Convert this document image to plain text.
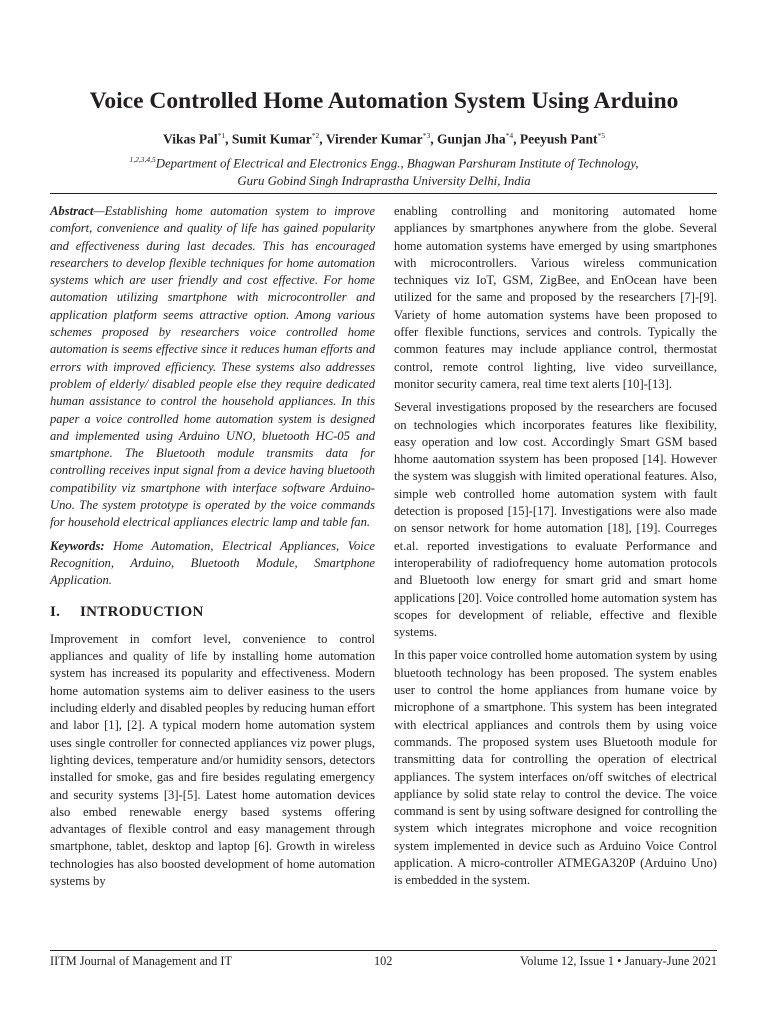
Voice Controlled Home Automation System Using Arduino
Vikas Pal$^{*1}$, Sumit Kumar$^{*2}$, Virender Kumar$^{*3}$, Gunjan Jha$^{*4}$, Peeyush Pant$^{*5}$
$^{1,2,3,4,5}$Department of Electrical and Electronics Engg., Bhagwan Parshuram Institute of Technology,
Guru Gobind Singh Indraprastha University Delhi, India

Abstract—Establishing home automation system to improve comfort, convenience and quality of life has gained popularity and effectiveness during last decades. This has encouraged researchers to develop flexible techniques for home automation systems which are user friendly and cost effective. For home automation utilizing smartphone with microcontroller and application platform seems attractive option. Among various schemes proposed by researchers voice controlled home automation is seems effective since it reduces human efforts and errors with improved efficiency. These systems also addresses problem of elderly/ disabled people else they require dedicated human assistance to control the household appliances. In this paper a voice controlled home automation system is designed and implemented using Arduino UNO, bluetooth HC-05 and smartphone. The Bluetooth module transmits data for controlling receives input signal from a device having bluetooth compatibility viz smartphone with interface software Arduino-Uno. The system prototype is operated by the voice commands for household electrical appliances electric lamp and table fan.

Keywords: Home Automation, Electrical Appliances, Voice Recognition, Arduino, Bluetooth Module, Smartphone Application.

I. INTRODUCTION

Improvement in comfort level, convenience to control appliances and quality of life by installing home automation system has increased its popularity and effectiveness. Modern home automation systems aim to deliver easiness to the users including elderly and disabled peoples by reducing human effort and labor [1], [2]. A typical modern home automation system uses single controller for connected appliances viz power plugs, lighting devices, temperature and/or humidity sensors, detectors installed for smoke, gas and fire besides regulating emergency and security systems [3]-[5]. Latest home automation devices also embed renewable energy based systems offering advantages of flexible control and easy management through smartphone, tablet, desktop and laptop [6]. Growth in wireless technologies has also boosted development of home automation systems by

enabling controlling and monitoring automated home appliances by smartphones anywhere from the globe. Several home automation systems have emerged by using smartphones with microcontrollers. Various wireless communication techniques viz IoT, GSM, ZigBee, and EnOcean have been utilized for the same and proposed by the researchers [7]-[9]. Variety of home automation systems have been proposed to offer flexible functions, services and controls. Typically the common features may include appliance control, thermostat control, remote control lighting, live video surveillance, monitor security camera, real time text alerts [10]-[13].

Several investigations proposed by the researchers are focused on technologies which incorporates features like flexibility, easy operation and low cost. Accordingly Smart GSM based hhome aautomation ssystem has been proposed [14]. However the system was sluggish with limited operational features. Also, simple web controlled home automation system with fault detection is proposed [15]-[17]. Investigations were also made on sensor network for home automation [18], [19]. Courreges et.al. reported investigations to evaluate Performance and interoperability of radiofrequency home automation protocols and Bluetooth low energy for smart grid and smart home applications [20]. Voice controlled home automation system has scopes for development of reliable, effective and flexible systems.

In this paper voice controlled home automation system by using bluetooth technology has been proposed. The system enables user to control the home appliances from humane voice by microphone of a smartphone. This system has been integrated with electrical appliances and controls them by using voice commands. The proposed system uses Bluetooth module for transmitting data for controlling the operation of electrical appliances. The system interfaces on/off switches of electrical appliance by solid state relay to control the device. The voice command is sent by using software designed for controlling the system which integrates microphone and voice recognition system implemented in device such as Arduino Voice Control application. A micro-controller ATMEGA320P (Arduino Uno) is embedded in the system.

IITM Journal of Management and IT	102	Volume 12, Issue 1 • January-June 2021
